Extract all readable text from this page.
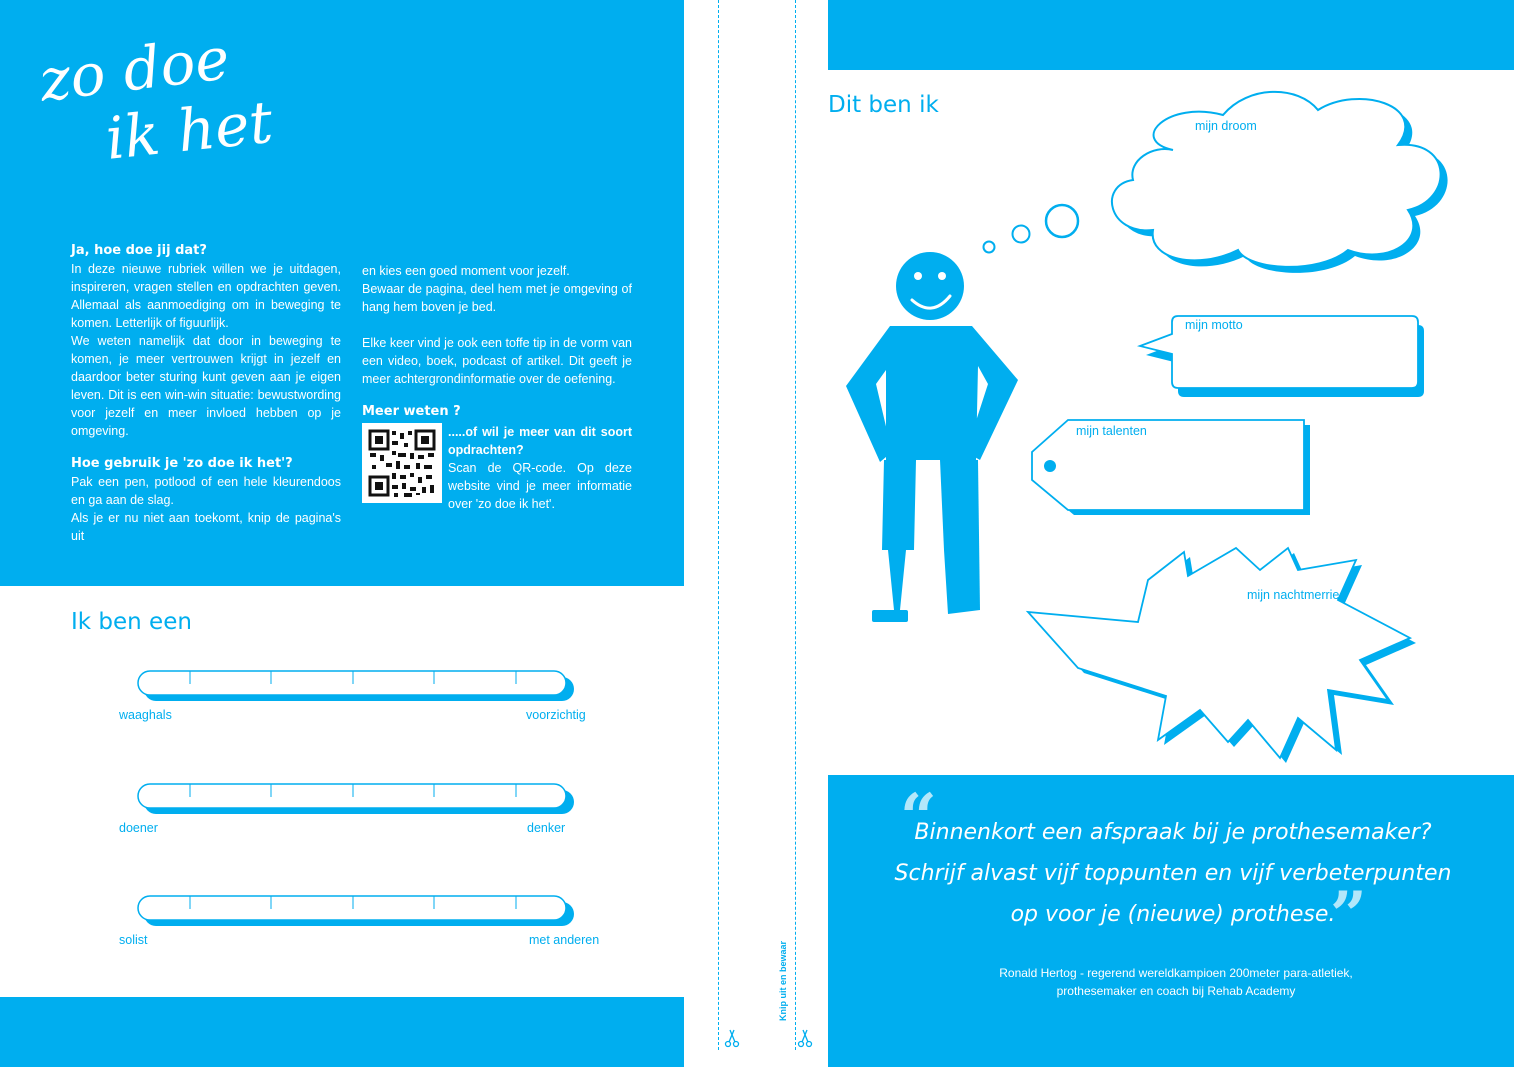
zo doe
ik het
Ja, hoe doe jij dat?

In deze nieuwe rubriek willen we je uitdagen, inspireren, vragen stellen en opdrachten geven. Allemaal als aanmoediging om in beweging te komen. Letterlijk of figuurlijk.

We weten namelijk dat door in beweging te komen, je meer vertrouwen krijgt in jezelf en daardoor beter sturing kunt geven aan je eigen leven. Dit is een win-win situatie: bewustwording voor jezelf en meer invloed hebben op je omgeving.

Hoe gebruik je 'zo doe ik het'?

Pak een pen, potlood of een hele kleurendoos en ga aan de slag.

Als je er nu niet aan toekomt, knip de pagina's uit

en kies een goed moment voor jezelf.

Bewaar de pagina, deel hem met je omgeving of hang hem boven je bed.

Elke keer vind je ook een toffe tip in de vorm van een video, boek, podcast of artikel. Dit geeft je meer achtergrondinformatie over de oefening.

Meer weten ?
.....of wil je meer van dit soort opdrachten?
Scan de QR-code. Op deze website vind je meer informatie over 'zo doe ik het'.
Ik ben een
waaghals	voorzichtig
doener	denker
solist	met anderen
Knip uit en bewaar
Dit ben ik
mijn droom
mijn motto
mijn talenten
mijn nachtmerrie
“
Binnenkort een afspraak bij je prothesemaker?
Schrijf alvast vijf toppunten en vijf verbeterpunten
op voor je (nieuwe) prothese.
”
Ronald Hertog - regerend wereldkampioen 200meter para-atletiek,
prothesemaker en coach bij Rehab Academy
